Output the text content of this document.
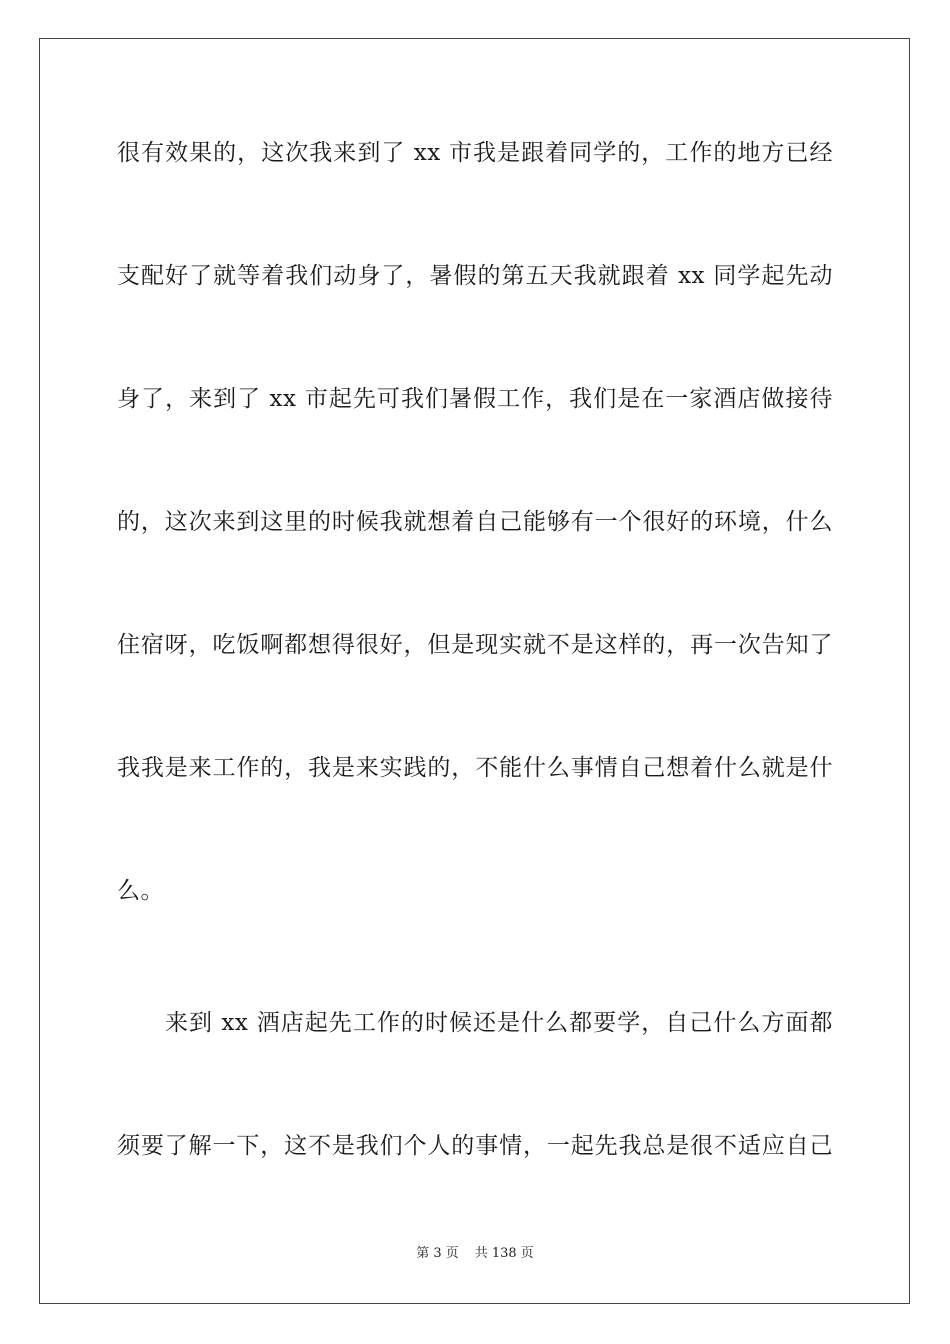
很有效果的，这次我来到了 xx 市我是跟着同学的，工作的地方已经
支配好了就等着我们动身了，暑假的第五天我就跟着 xx 同学起先动
身了，来到了 xx 市起先可我们暑假工作，我们是在一家酒店做接待
的，这次来到这里的时候我就想着自己能够有一个很好的环境，什么
住宿呀，吃饭啊都想得很好，但是现实就不是这样的，再一次告知了
我我是来工作的，我是来实践的，不能什么事情自己想着什么就是什
么。
来到 xx 酒店起先工作的时候还是什么都要学，自己什么方面都
须要了解一下，这不是我们个人的事情，一起先我总是很不适应自己
第 3 页 共 138 页
